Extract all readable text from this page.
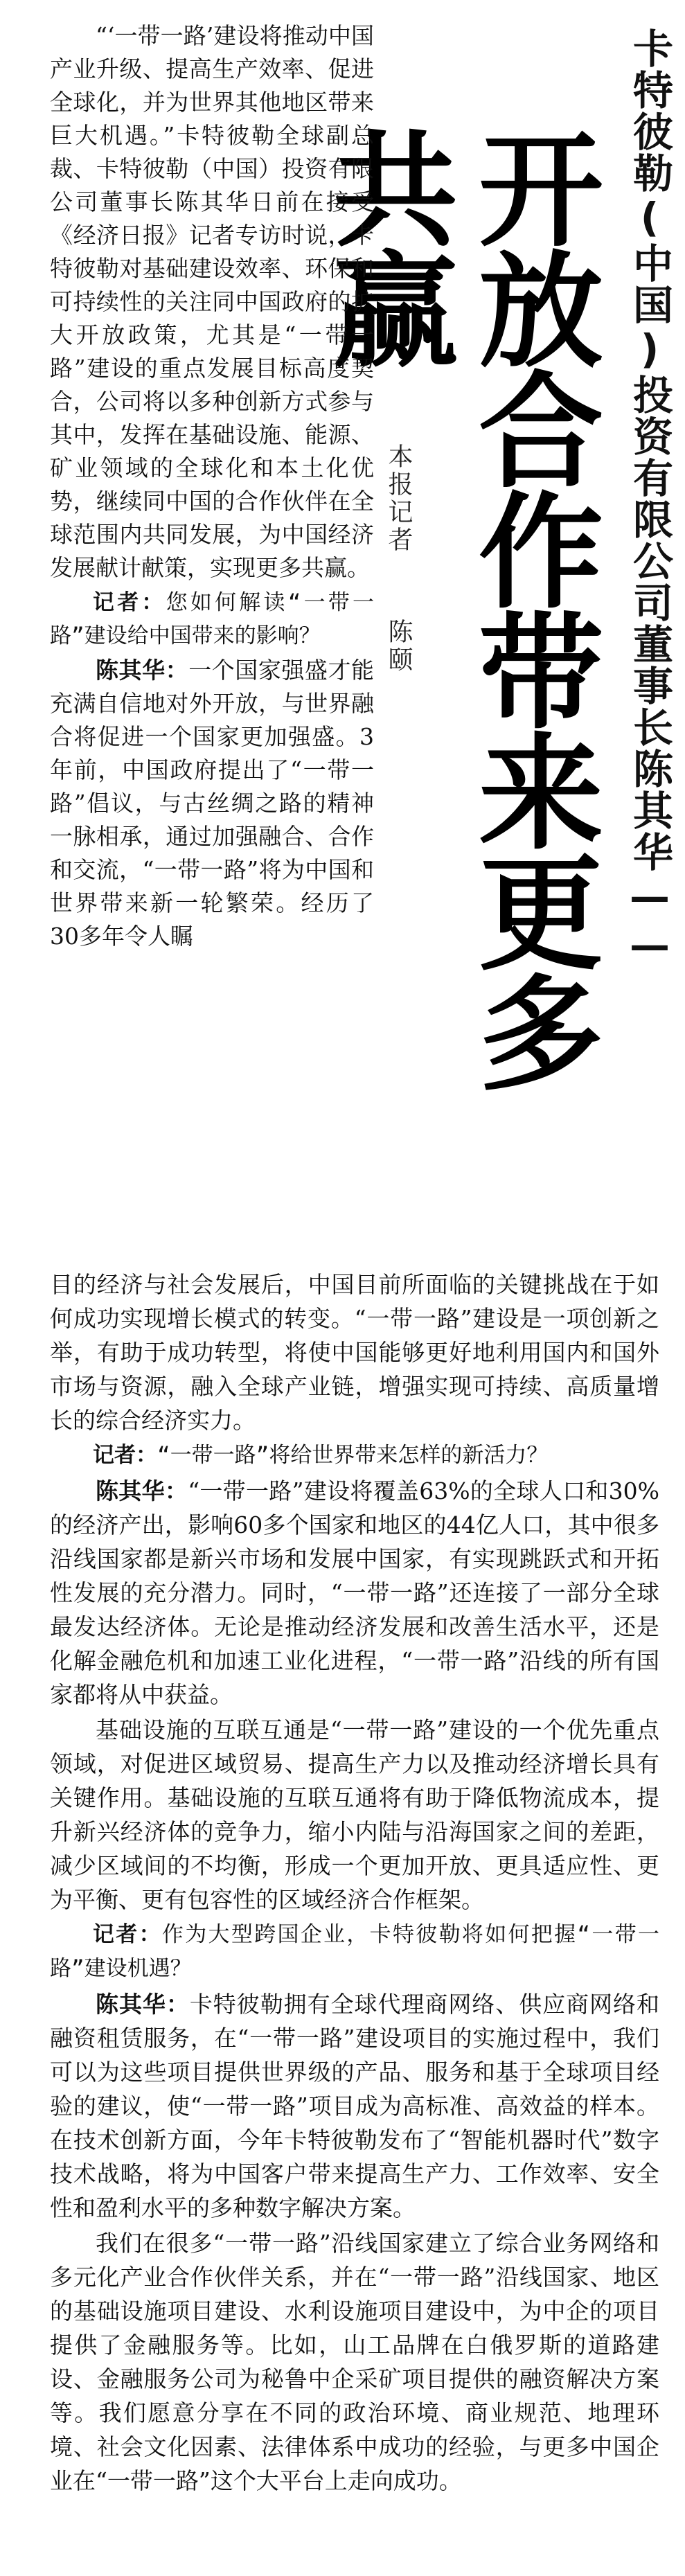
卡特彼勒(中国)投资有限公司董事长陈其华——
开放合作带来更多共赢
本报记者 陈颐

“‘一带一路’建设将推动中国产业升级、提高生产效率、促进全球化，并为世界其他地区带来巨大机遇。”卡特彼勒全球副总裁、卡特彼勒（中国）投资有限公司董事长陈其华日前在接受《经济日报》记者专访时说，卡特彼勒对基础建设效率、环保和可持续性的关注同中国政府的扩大开放政策，尤其是“一带一路”建设的重点发展目标高度契合，公司将以多种创新方式参与其中，发挥在基础设施、能源、矿业领域的全球化和本土化优势，继续同中国的合作伙伴在全球范围内共同发展，为中国经济发展献计献策，实现更多共赢。

记者：您如何解读“一带一路”建设给中国带来的影响？

陈其华：一个国家强盛才能充满自信地对外开放，与世界融合将促进一个国家更加强盛。3年前，中国政府提出了“一带一路”倡议，与古丝绸之路的精神一脉相承，通过加强融合、合作和交流，“一带一路”将为中国和世界带来新一轮繁荣。经历了30多年令人瞩

目的经济与社会发展后，中国目前所面临的关键挑战在于如何成功实现增长模式的转变。“一带一路”建设是一项创新之举，有助于成功转型，将使中国能够更好地利用国内和国外市场与资源，融入全球产业链，增强实现可持续、高质量增长的综合经济实力。

记者：“一带一路”将给世界带来怎样的新活力？

陈其华：“一带一路”建设将覆盖63%的全球人口和30%的经济产出，影响60多个国家和地区的44亿人口，其中很多沿线国家都是新兴市场和发展中国家，有实现跳跃式和开拓性发展的充分潜力。同时，“一带一路”还连接了一部分全球最发达经济体。无论是推动经济发展和改善生活水平，还是化解金融危机和加速工业化进程，“一带一路”沿线的所有国家都将从中获益。

基础设施的互联互通是“一带一路”建设的一个优先重点领域，对促进区域贸易、提高生产力以及推动经济增长具有关键作用。基础设施的互联互通将有助于降低物流成本，提升新兴经济体的竞争力，缩小内陆与沿海国家之间的差距，减少区域间的不均衡，形成一个更加开放、更具适应性、更为平衡、更有包容性的区域经济合作框架。

记者：作为大型跨国企业，卡特彼勒将如何把握“一带一路”建设机遇？

陈其华：卡特彼勒拥有全球代理商网络、供应商网络和融资租赁服务，在“一带一路”建设项目的实施过程中，我们可以为这些项目提供世界级的产品、服务和基于全球项目经验的建议，使“一带一路”项目成为高标准、高效益的样本。在技术创新方面，今年卡特彼勒发布了“智能机器时代”数字技术战略，将为中国客户带来提高生产力、工作效率、安全性和盈利水平的多种数字解决方案。

我们在很多“一带一路”沿线国家建立了综合业务网络和多元化产业合作伙伴关系，并在“一带一路”沿线国家、地区的基础设施项目建设、水利设施项目建设中，为中企的项目提供了金融服务等。比如，山工品牌在白俄罗斯的道路建设、金融服务公司为秘鲁中企采矿项目提供的融资解决方案等。我们愿意分享在不同的政治环境、商业规范、地理环境、社会文化因素、法律体系中成功的经验，与更多中国企业在“一带一路”这个大平台上走向成功。
